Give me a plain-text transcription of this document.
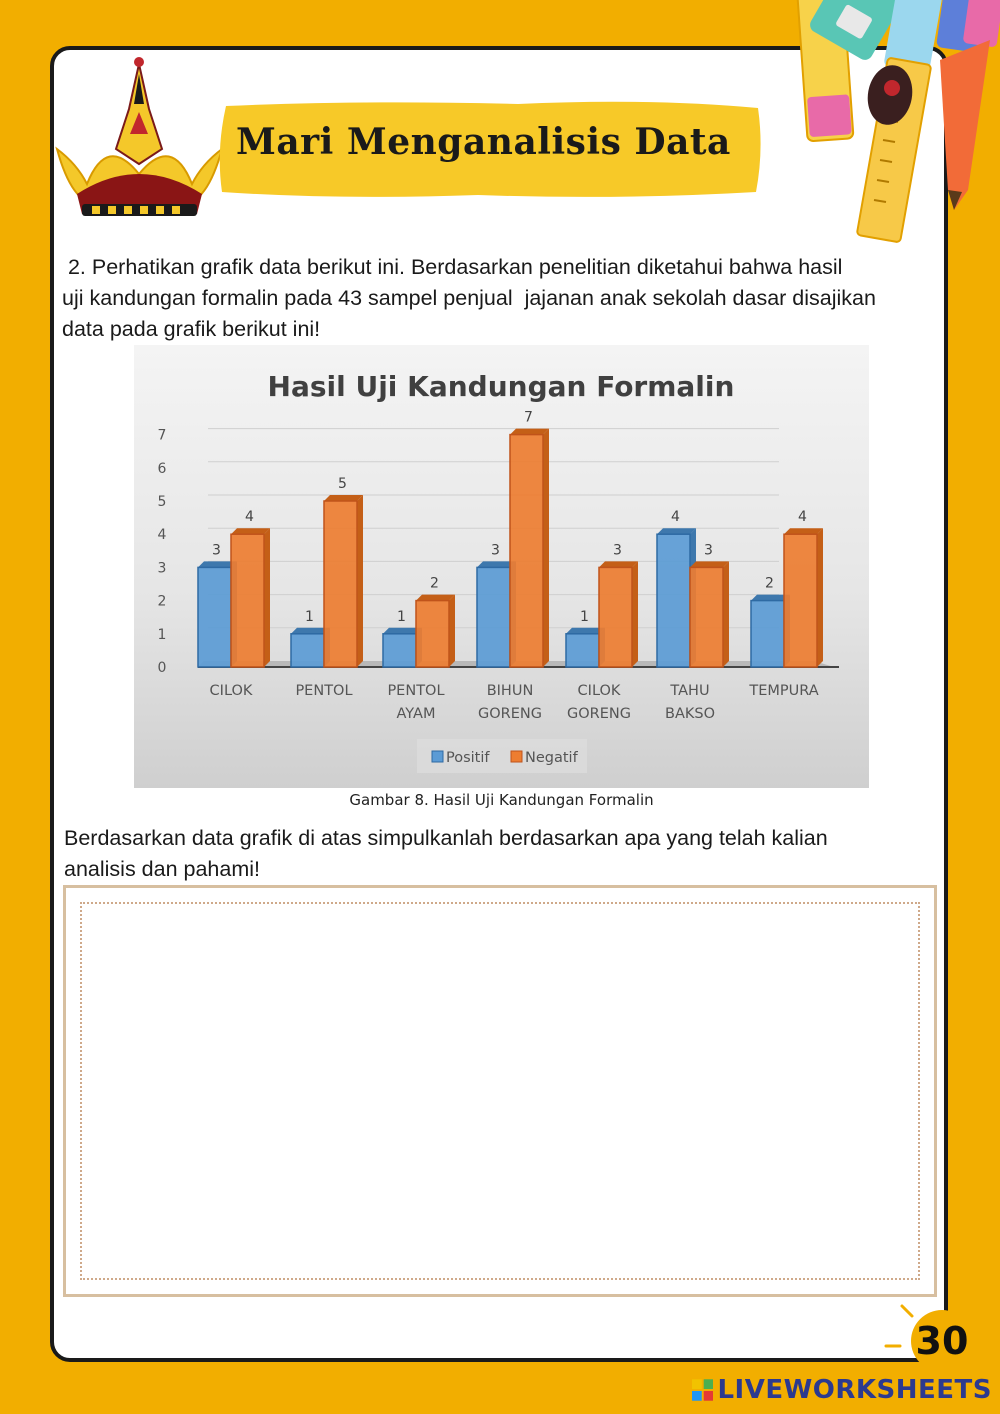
Mari Menganalisis Data

2. Perhatikan grafik data berikut ini. Berdasarkan penelitian diketahui bahwa hasil

uji kandungan formalin pada 43 sampel penjual  jajanan anak sekolah dasar disajikan

data pada grafik berikut ini!

Hasil Uji Kandungan Formalin
0
1
2
3
4
5
6
7
3
4
CILOK
1
5
PENTOL
1
2
PENTOL
AYAM
3
7
BIHUN
GORENG
1
3
CILOK
GORENG
4
3
TAHU
BAKSO
2
4
TEMPURA
Positif Negatif
Gambar 8. Hasil Uji Kandungan Formalin
Berdasarkan data grafik di atas simpulkanlah berdasarkan apa yang telah kalian
analisis dan pahami!
30
LIVEWORKSHEETS
